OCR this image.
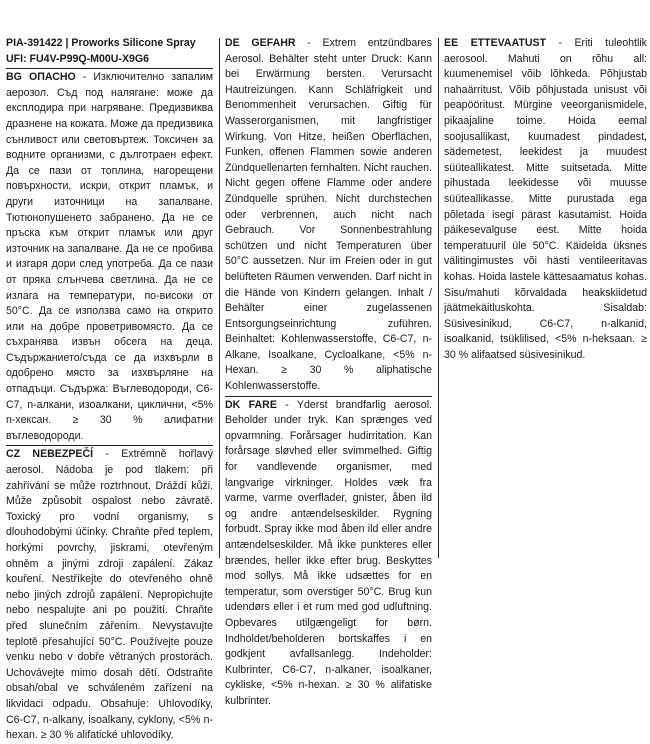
PIA-391422 | Proworks Silicone Spray
UFI: FU4V-P99Q-M00U-X9G6

BG ОПАСНО - Изключително запалим аерозол. Съд под налягане: може да експлодира при нагряване. Предизвиква дразнене на кожата. Може да предизвика сънливост или световъртеж. Токсичен за водните организми, с дълготраен ефект. Да се пази от топлина, нагорещени повърхности, искри, открит пламък, и други източници на запалване. Тютюнопушенето забранено. Да не се пръска към открит пламък или друг източник на запалване. Да не се пробива и изгаря дори след употреба. Да се пази от пряка слънчева светлина. Да не се излага на температури, по-високи от 50°C. Да се използва само на открито или на добре проветривомясто. Да се съхранява извън обсега на деца. Съдържанието/съда се да изхвърли в одобрено място за изхвърляне на отпадъци. Съдържа: Въглеводороди, C6-C7, n-алкани, изоалкани, циклични, <5% n-хексан. ≥ 30 % алифатни въглеводороди.

CZ NEBEZPEČÍ - Extrémně hořlavý aerosol. Nádoba je pod tlakem: při zahřívání se může roztrhnout. Dráždí kůži. Může způsobit ospalost nebo závratě. Toxický pro vodní organismy, s dlouhodobými účinky. Chraňte před teplem, horkými povrchy, jiskrami, otevřeným ohněm a jinými zdroji zapálení. Zákaz kouření. Nestříkejte do otevřeného ohně nebo jiných zdrojů zapálení. Nepropichujte nebo nespalujte ani po použití. Chraňte před slunečním zářením. Nevystavujte teplotě přesahující 50°C. Používejte pouze venku nebo v dobře větraných prostorách. Uchovávejte mimo dosah dětí. Odstraňte obsah/obal ve schváleném zařízení na likvidaci odpadu. Obsahuje: Uhlovodíky, C6-C7, n-alkany, isoalkany, cyklony, <5% n-hexan. ≥ 30 % alifatické uhlovodíky.

DE GEFAHR - Extrem entzündbares Aerosol. Behälter steht unter Druck: Kann bei Erwärmung bersten. Verursacht Hautreizungen. Kann Schläfrigkeit und Benommenheit verursachen. Giftig für Wasserorganismen, mit langfristiger Wirkung. Von Hitze, heißen Oberflächen, Funken, offenen Flammen sowie anderen Zündquellenarten fernhalten. Nicht rauchen. Nicht gegen offene Flamme oder andere Zündquelle sprühen. Nicht durchstechen oder verbrennen, auch nicht nach Gebrauch. Vor Sonnenbestrahlung schützen und nicht Temperaturen über 50°C aussetzen. Nur im Freien oder in gut belüfteten Räumen verwenden. Darf nicht in die Hände von Kindern gelangen. Inhalt / Behälter einer zugelassenen Entsorgungseinrichtung zuführen. Beinhaltet: Kohlenwasserstoffe, C6-C7, n-Alkane, Isoalkane, Cycloalkane, <5% n-Hexan. ≥ 30 % aliphatische Kohlenwasserstoffe.

DK FARE - Yderst brandfarlig aerosol. Beholder under tryk. Kan sprænges ved opvarmning. Forårsager hudirritation. Kan forårsage sløvhed eller svimmelhed. Giftig for vandlevende organismer, med langvarige virkninger. Holdes væk fra varme, varme overflader, gnister, åben ild og andre antændelseskilder. Rygning forbudt. Spray ikke mod åben ild eller andre antændelseskilder. Må ikke punkteres eller brændes, heller ikke efter brug. Beskyttes mod sollys. Må ikke udsættes for en temperatur, som overstiger 50°C. Brug kun udendørs eller i et rum med god udluftning. Opbevares utilgængeligt for børn. Indholdet/beholderen bortskaffes i en godkjent avfallsanlegg. Indeholder: Kulbrinter, C6-C7, n-alkaner, isoalkaner, cykliske, <5% n-hexan. ≥ 30 % alifatiske kulbrinter.

EE ETTEVAATUST - Eriti tuleohtlik aerosool. Mahuti on rõhu all: kuumenemisel võib lõhkeda. Põhjustab nahaärritust. Võib põhjustada unisust või peapööritust. Mürgine veeorganismidele, pikaajaline toime. Hoida eemal soojusallikast, kuumadest pindadest, sädemetest, leekidest ja muudest süüteallikatest. Mitte suitsetada. Mitte pihustada leekidesse või muusse süüteallikasse. Mitte purustada ega põletada isegi pärast kasutamist. Hoida päikesevalguse eest. Mitte hoida temperatuuril üle 50°C. Käidelda üksnes välitingimustes või hästi ventileeritavas kohas. Hoida lastele kättesaamatus kohas. Sisu/mahuti kõrvaldada heakskiidetud jäätmekäitluskohta. Sisaldab: Süsivesinikud, C6-C7, n-alkanid, isoalkanid, tsüklilised, <5% n-heksaan. ≥ 30 % alifaatsed süsivesinikud.
